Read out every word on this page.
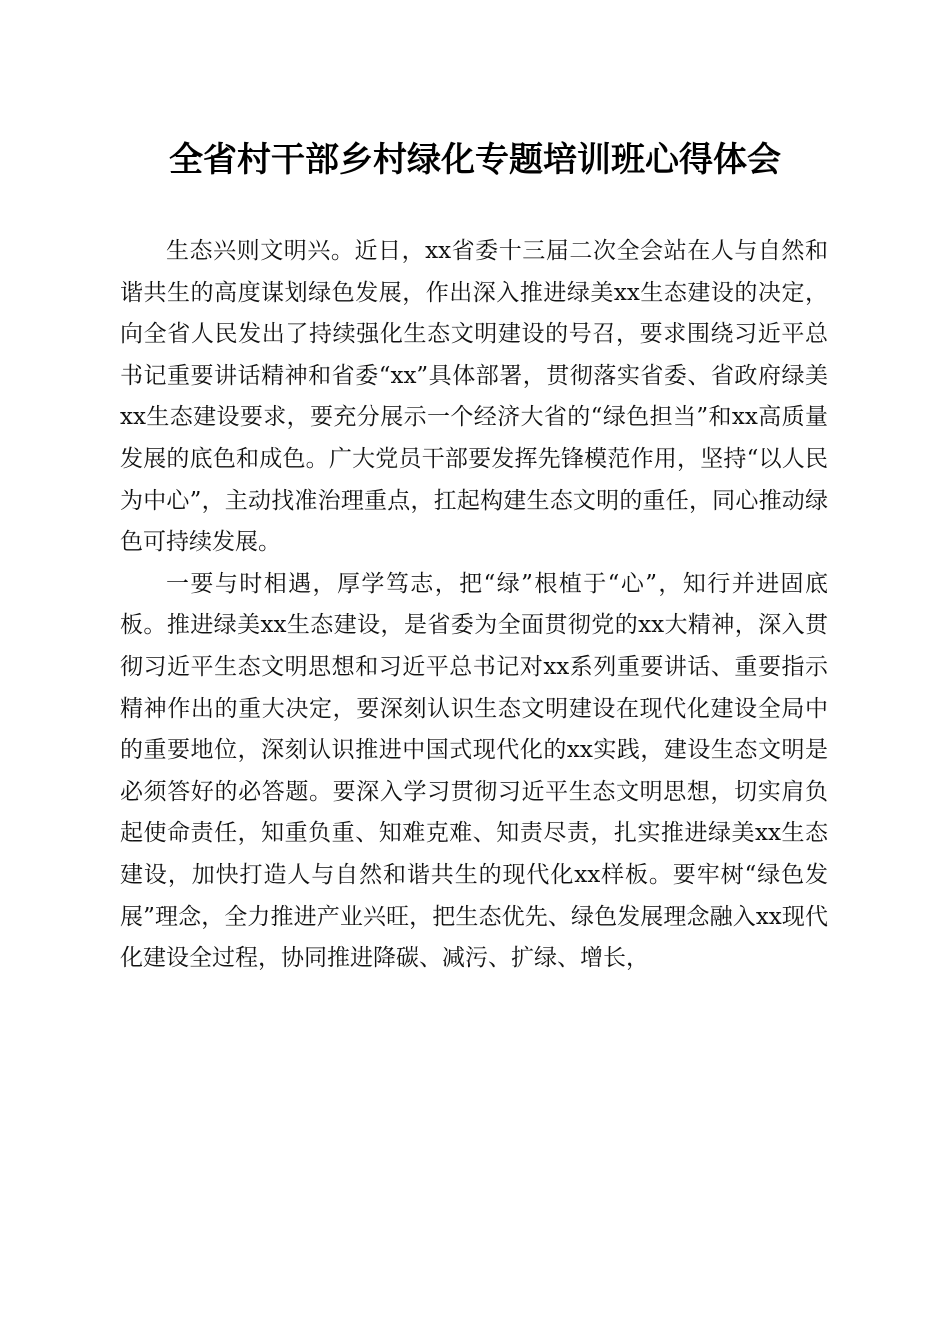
全省村干部乡村绿化专题培训班心得体会

生态兴则文明兴。近日，xx省委十三届二次全会站在人与自然和谐共生的高度谋划绿色发展，作出深入推进绿美xx生态建设的决定，向全省人民发出了持续强化生态文明建设的号召，要求围绕习近平总书记重要讲话精神和省委“xx”具体部署，贯彻落实省委、省政府绿美xx生态建设要求，要充分展示一个经济大省的“绿色担当”和xx高质量发展的底色和成色。广大党员干部要发挥先锋模范作用，坚持“以人民为中心”，主动找准治理重点，扛起构建生态文明的重任，同心推动绿色可持续发展。

一要与时相遇，厚学笃志，把“绿”根植于“心”，知行并进固底板。推进绿美xx生态建设，是省委为全面贯彻党的xx大精神，深入贯彻习近平生态文明思想和习近平总书记对xx系列重要讲话、重要指示精神作出的重大决定，要深刻认识生态文明建设在现代化建设全局中的重要地位，深刻认识推进中国式现代化的xx实践，建设生态文明是必须答好的必答题。要深入学习贯彻习近平生态文明思想，切实肩负起使命责任，知重负重、知难克难、知责尽责，扎实推进绿美xx生态建设，加快打造人与自然和谐共生的现代化xx样板。要牢树“绿色发展”理念，全力推进产业兴旺，把生态优先、绿色发展理念融入xx现代化建设全过程，协同推进降碳、减污、扩绿、增长，
